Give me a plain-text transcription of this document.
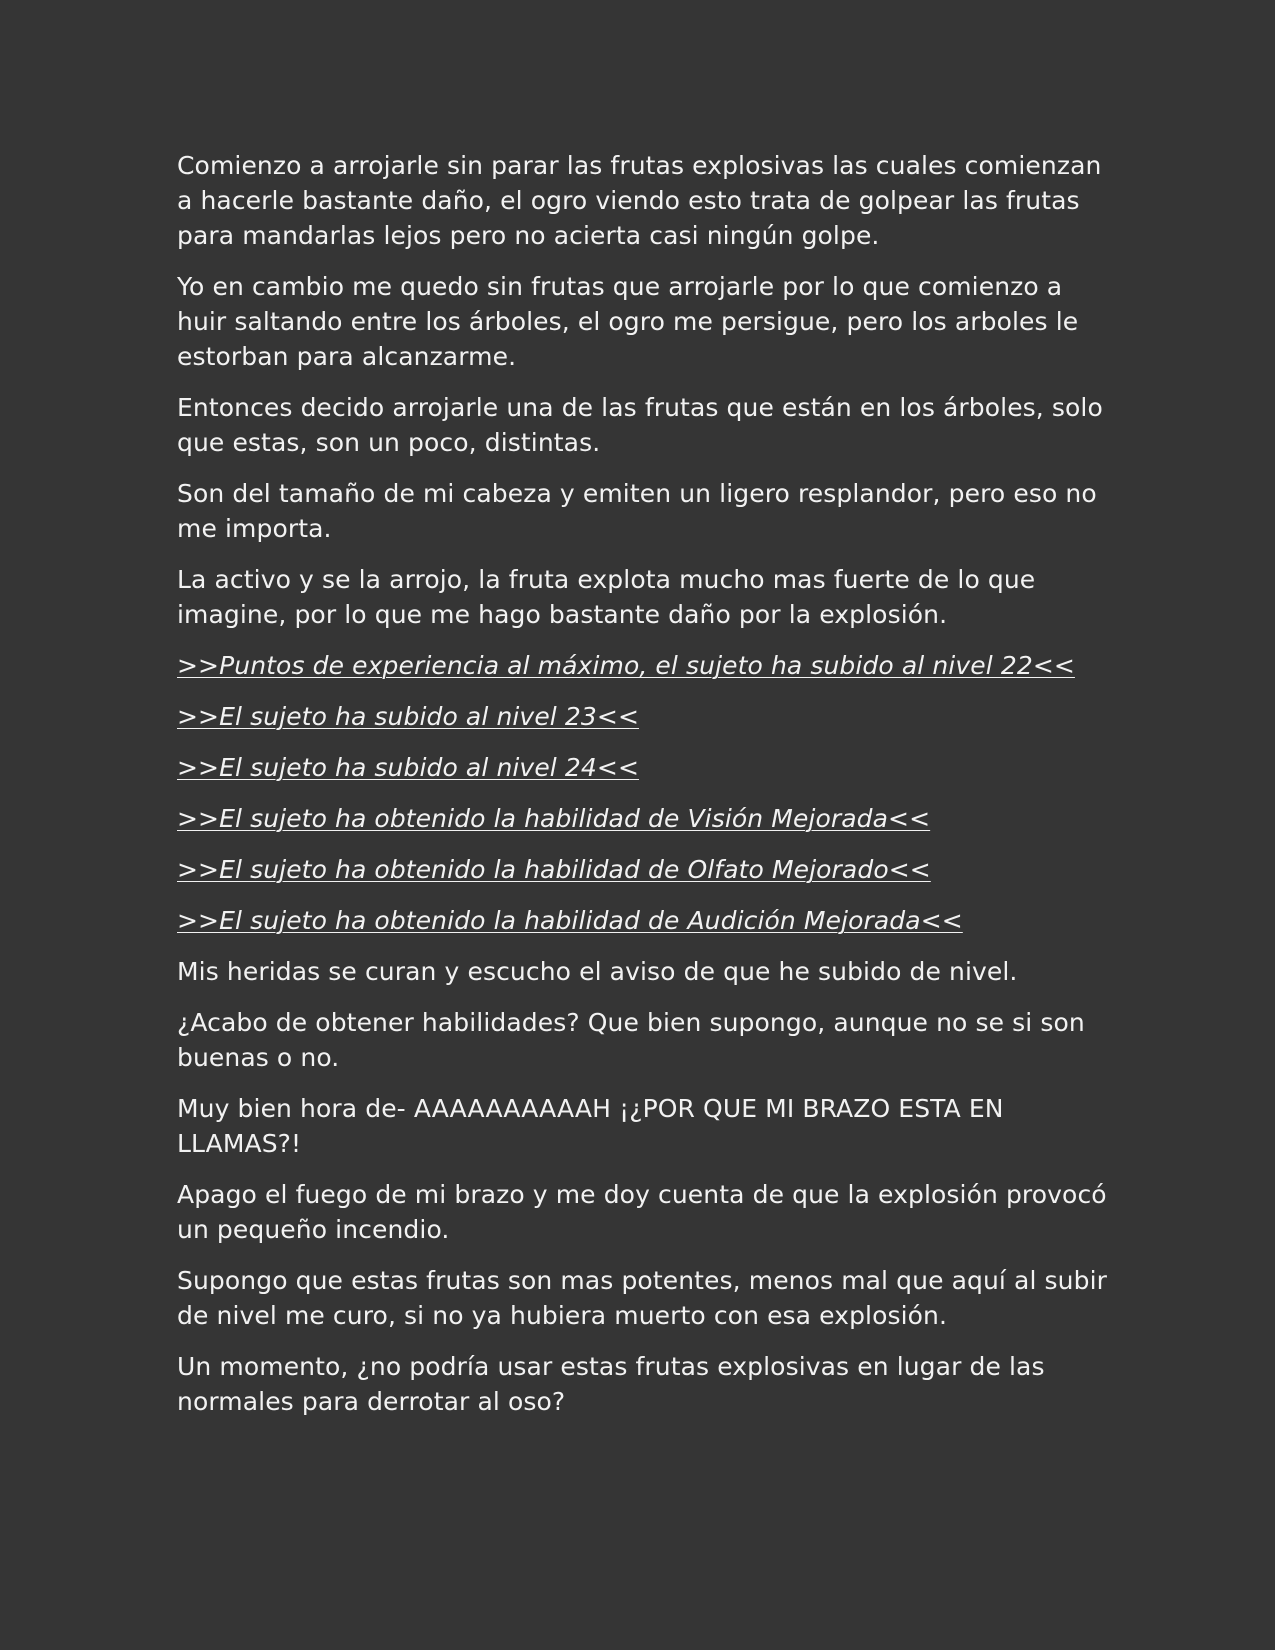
Comienzo a arrojarle sin parar las frutas explosivas las cuales comienzan a hacerle bastante daño, el ogro viendo esto trata de golpear las frutas para mandarlas lejos pero no acierta casi ningún golpe.

Yo en cambio me quedo sin frutas que arrojarle por lo que comienzo a huir saltando entre los árboles, el ogro me persigue, pero los arboles le estorban para alcanzarme.

Entonces decido arrojarle una de las frutas que están en los árboles, solo que estas, son un poco, distintas.

Son del tamaño de mi cabeza y emiten un ligero resplandor, pero eso no me importa.

La activo y se la arrojo, la fruta explota mucho mas fuerte de lo que imagine, por lo que me hago bastante daño por la explosión.

>>Puntos de experiencia al máximo, el sujeto ha subido al nivel 22<<

>>El sujeto ha subido al nivel 23<<

>>El sujeto ha subido al nivel 24<<

>>El sujeto ha obtenido la habilidad de Visión Mejorada<<

>>El sujeto ha obtenido la habilidad de Olfato Mejorado<<

>>El sujeto ha obtenido la habilidad de Audición Mejorada<<

Mis heridas se curan y escucho el aviso de que he subido de nivel.

¿Acabo de obtener habilidades? Que bien supongo, aunque no se si son buenas o no.

Muy bien hora de- AAAAAAAAAAH ¡¿POR QUE MI BRAZO ESTA EN LLAMAS?!

Apago el fuego de mi brazo y me doy cuenta de que la explosión provocó un pequeño incendio.

Supongo que estas frutas son mas potentes, menos mal que aquí al subir de nivel me curo, si no ya hubiera muerto con esa explosión.

Un momento, ¿no podría usar estas frutas explosivas en lugar de las normales para derrotar al oso?
